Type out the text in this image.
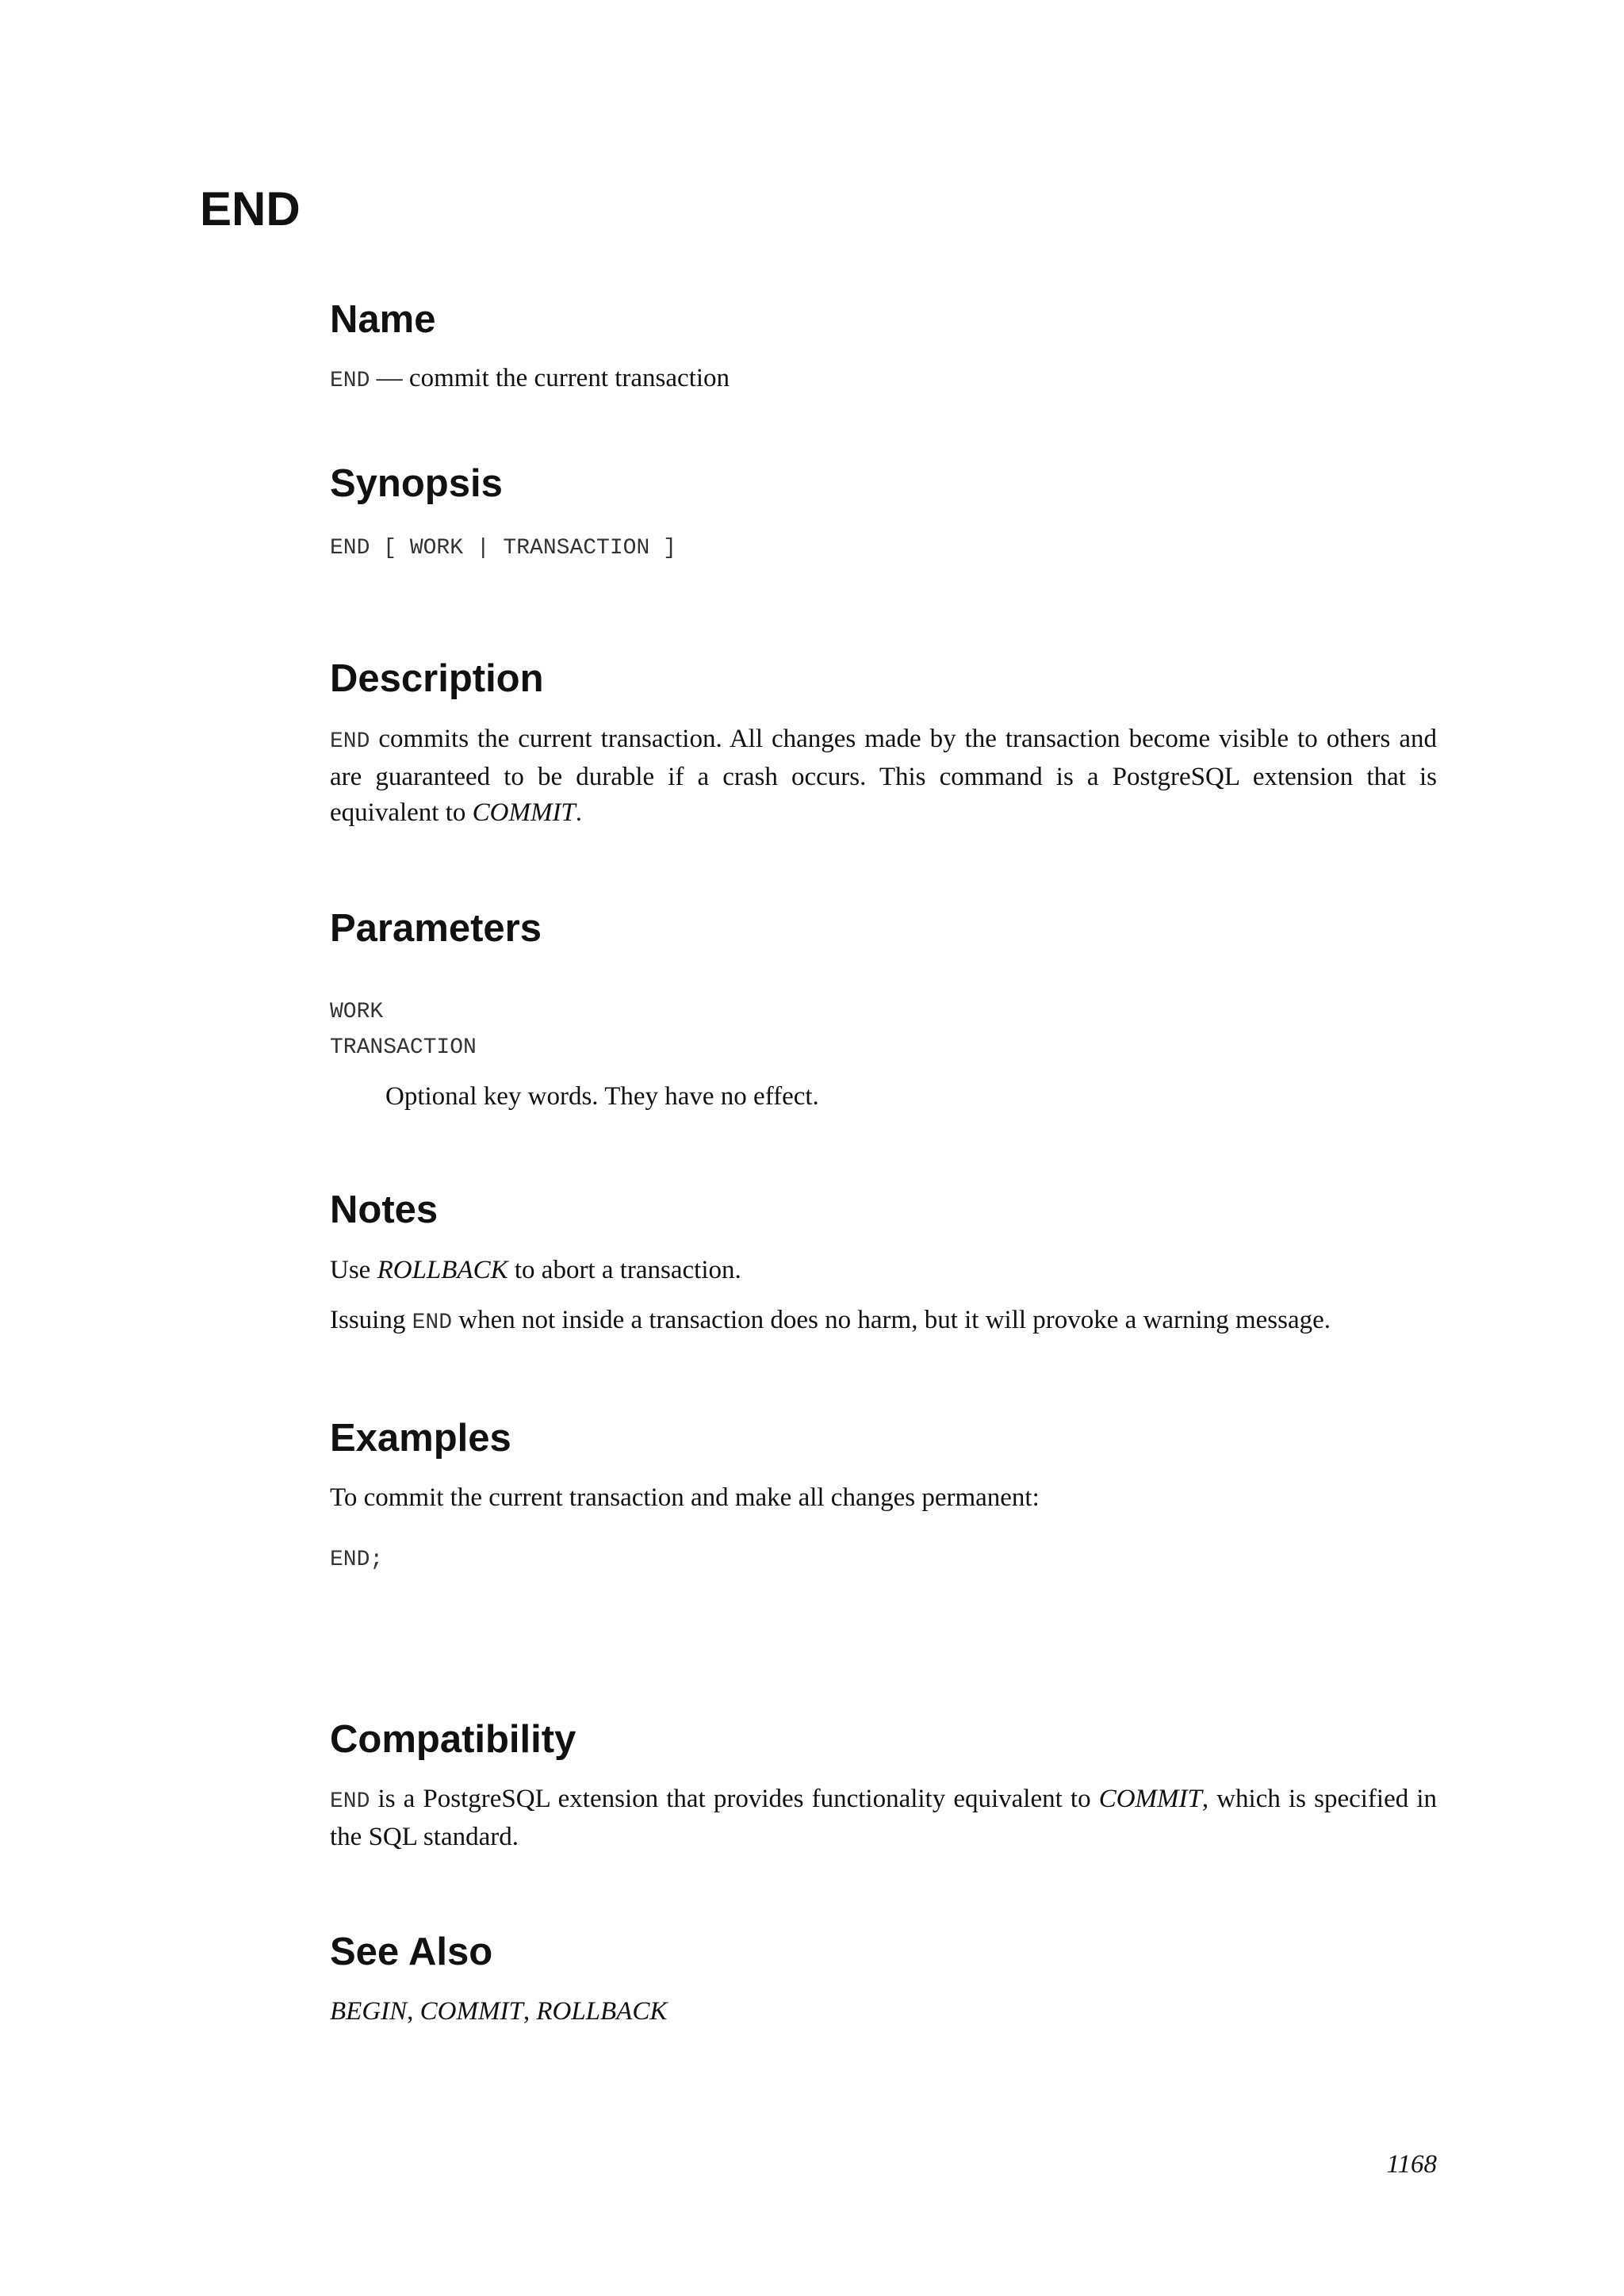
END
Name

END — commit the current transaction

Synopsis
END [ WORK | TRANSACTION ]
Description

END commits the current transaction. All changes made by the transaction become visible to others and are guaranteed to be durable if a crash occurs. This command is a PostgreSQL extension that is equivalent to COMMIT.

Parameters
WORK
TRANSACTION

Optional key words. They have no effect.

Notes

Use ROLLBACK to abort a transaction.

Issuing END when not inside a transaction does no harm, but it will provoke a warning message.

Examples

To commit the current transaction and make all changes permanent:

END;
Compatibility

END is a PostgreSQL extension that provides functionality equivalent to COMMIT, which is specified in the SQL standard.

See Also

BEGIN, COMMIT, ROLLBACK

1168
